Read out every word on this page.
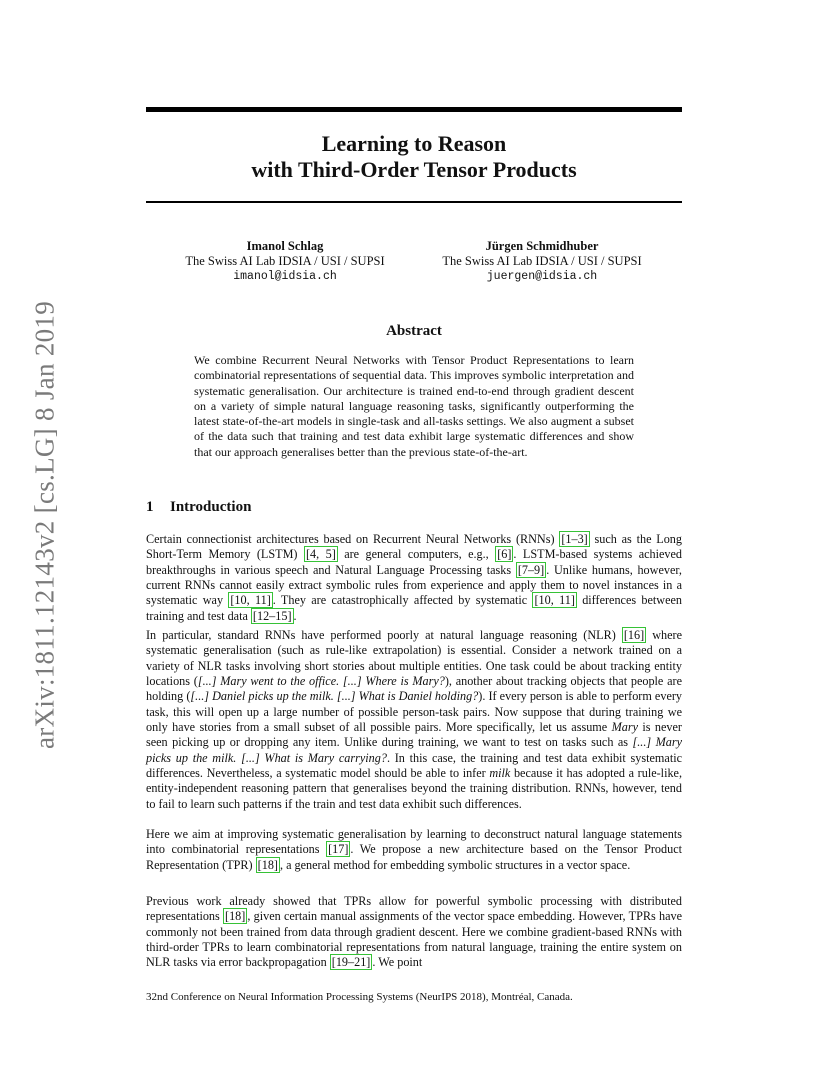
arXiv:1811.12143v2 [cs.LG] 8 Jan 2019
Learning to Reason
with Third-Order Tensor Products
Imanol Schlag
The Swiss AI Lab IDSIA / USI / SUPSI
imanol@idsia.ch
Jürgen Schmidhuber
The Swiss AI Lab IDSIA / USI / SUPSI
juergen@idsia.ch
Abstract

We combine Recurrent Neural Networks with Tensor Product Representations to learn combinatorial representations of sequential data. This improves symbolic interpretation and systematic generalisation. Our architecture is trained end-to-end through gradient descent on a variety of simple natural language reasoning tasks, significantly outperforming the latest state-of-the-art models in single-task and all-tasks settings. We also augment a subset of the data such that training and test data exhibit large systematic differences and show that our approach generalises better than the previous state-of-the-art.

1 Introduction

Certain connectionist architectures based on Recurrent Neural Networks (RNNs) [1–3] such as the Long Short-Term Memory (LSTM) [4, 5] are general computers, e.g., [6] . LSTM-based systems achieved breakthroughs in various speech and Natural Language Processing tasks [7–9] . Unlike humans, however, current RNNs cannot easily extract symbolic rules from experience and apply them to novel instances in a systematic way [10, 11] . They are catastrophically affected by systematic [10, 11] differences between training and test data [12–15] .

In particular, standard RNNs have performed poorly at natural language reasoning (NLR) [16] where systematic generalisation (such as rule-like extrapolation) is essential. Consider a network trained on a variety of NLR tasks involving short stories about multiple entities. One task could be about tracking entity locations ([...] Mary went to the office. [...] Where is Mary?), another about tracking objects that people are holding ([...] Daniel picks up the milk. [...] What is Daniel holding?). If every person is able to perform every task, this will open up a large number of possible person-task pairs. Now suppose that during training we only have stories from a small subset of all possible pairs. More specifically, let us assume Mary is never seen picking up or dropping any item. Unlike during training, we want to test on tasks such as [...] Mary picks up the milk. [...] What is Mary carrying?. In this case, the training and test data exhibit systematic differences. Nevertheless, a systematic model should be able to infer milk because it has adopted a rule-like, entity-independent reasoning pattern that generalises beyond the training distribution. RNNs, however, tend to fail to learn such patterns if the train and test data exhibit such differences.

Here we aim at improving systematic generalisation by learning to deconstruct natural language statements into combinatorial representations [17] . We propose a new architecture based on the Tensor Product Representation (TPR) [18] , a general method for embedding symbolic structures in a vector space.

Previous work already showed that TPRs allow for powerful symbolic processing with distributed representations [18] , given certain manual assignments of the vector space embedding. However, TPRs have commonly not been trained from data through gradient descent. Here we combine gradient-based RNNs with third-order TPRs to learn combinatorial representations from natural language, training the entire system on NLR tasks via error backpropagation [19–21] . We point

32nd Conference on Neural Information Processing Systems (NeurIPS 2018), Montréal, Canada.
